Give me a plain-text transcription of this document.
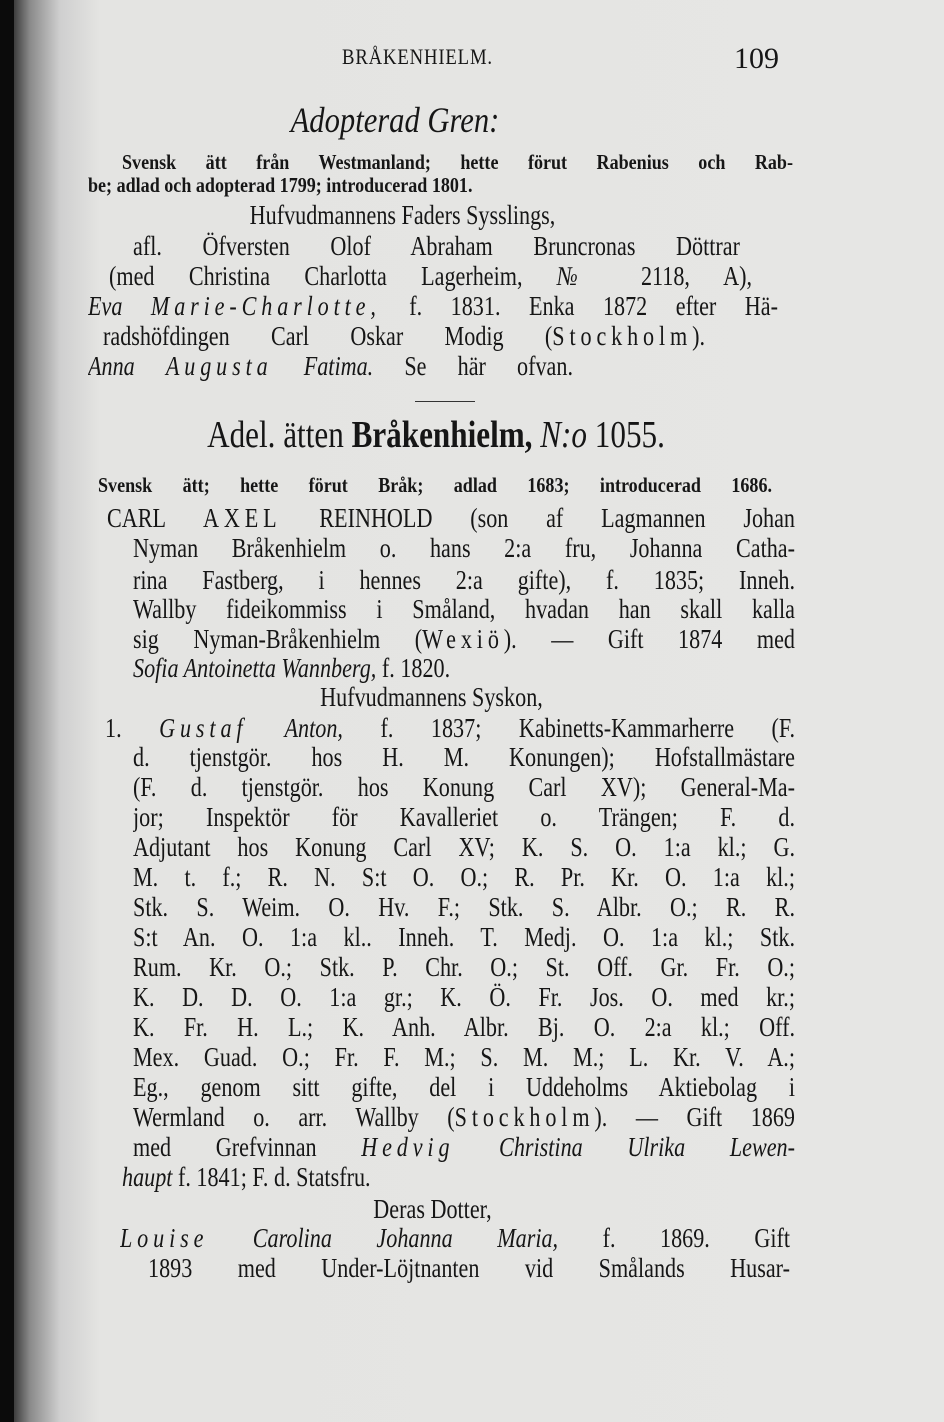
BRÅKENHIELM.	109
Adopterad Gren:
Svensk ätt från Westmanland; hette förut Rabenius och Rab-
be; adlad och adopterad 1799; introducerad 1801.
Hufvudmannens Faders Sysslings,
afl. Öfversten Olof Abraham Bruncronas Döttrar
(med Christina Charlotta Lagerheim, № 2118, A),
Eva Marie-Charlotte, f. 1831. Enka 1872 efter Hä-
radshöfdingen Carl Oskar Modig (Stockholm).
Anna Augusta Fatima. Se här ofvan.
Adel. ätten Bråkenhielm, N:o 1055.
Svensk ätt; hette förut Bråk; adlad 1683; introducerad 1686.
CARL AXEL REINHOLD (son af Lagmannen Johan
Nyman Bråkenhielm o. hans 2:a fru, Johanna Catha-
rina Fastberg, i hennes 2:a gifte), f. 1835; Inneh.
Wallby fideikommiss i Småland, hvadan han skall kalla
sig Nyman-Bråkenhielm (Wexiö). — Gift 1874 med
Sofia Antoinetta Wannberg, f. 1820.
Hufvudmannens Syskon,
1. Gustaf Anton, f. 1837; Kabinetts-Kammarherre (F.
d. tjenstgör. hos H. M. Konungen); Hofstallmästare
(F. d. tjenstgör. hos Konung Carl XV); General-Ma-
jor; Inspektör för Kavalleriet o. Trängen; F. d.
Adjutant hos Konung Carl XV; K. S. O. 1:a kl.; G.
M. t. f.; R. N. S:t O. O.; R. Pr. Kr. O. 1:a kl.;
Stk. S. Weim. O. Hv. F.; Stk. S. Albr. O.; R. R.
S:t An. O. 1:a kl.. Inneh. T. Medj. O. 1:a kl.; Stk.
Rum. Kr. O.; Stk. P. Chr. O.; St. Off. Gr. Fr. O.;
K. D. D. O. 1:a gr.; K. Ö. Fr. Jos. O. med kr.;
K. Fr. H. L.; K. Anh. Albr. Bj. O. 2:a kl.; Off.
Mex. Guad. O.; Fr. F. M.; S. M. M.; L. Kr. V. A.;
Eg., genom sitt gifte, del i Uddeholms Aktiebolag i
Wermland o. arr. Wallby (Stockholm). — Gift 1869
med Grefvinnan Hedvig Christina Ulrika Lewen-
haupt f. 1841; F. d. Statsfru.
Deras Dotter,
Louise Carolina Johanna Maria, f. 1869. Gift
1893 med Under-Löjtnanten vid Smålands Husar-
